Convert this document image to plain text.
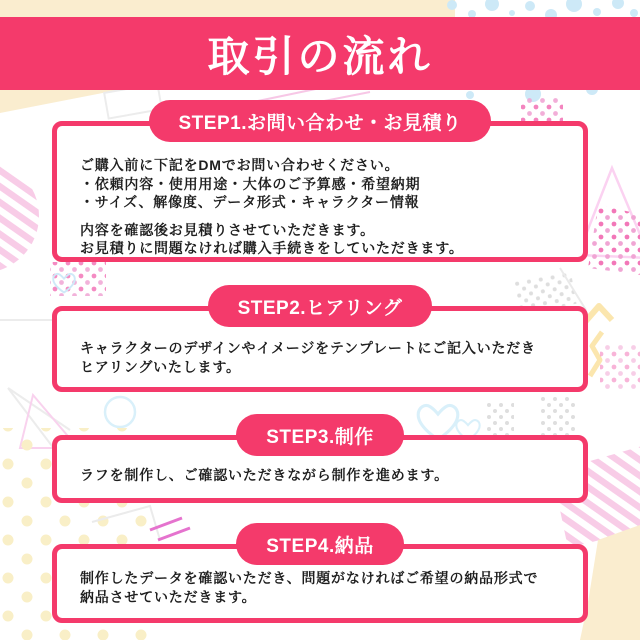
取引の流れ
STEP1.お問い合わせ・お見積り

ご購入前に下記をDMでお問い合わせください。
・依頼内容・使用用途・大体のご予算感・希望納期
・サイズ、解像度、データ形式・キャラクター情報

内容を確認後お見積りさせていただきます。
お見積りに問題なければ購入手続きをしていただきます。

STEP2.ヒアリング

キャラクターのデザインやイメージをテンプレートにご記入いただき
ヒアリングいたします。

STEP3.制作

ラフを制作し、ご確認いただきながら制作を進めます。

STEP4.納品

制作したデータを確認いただき、問題がなければご希望の納品形式で
納品させていただきます。
